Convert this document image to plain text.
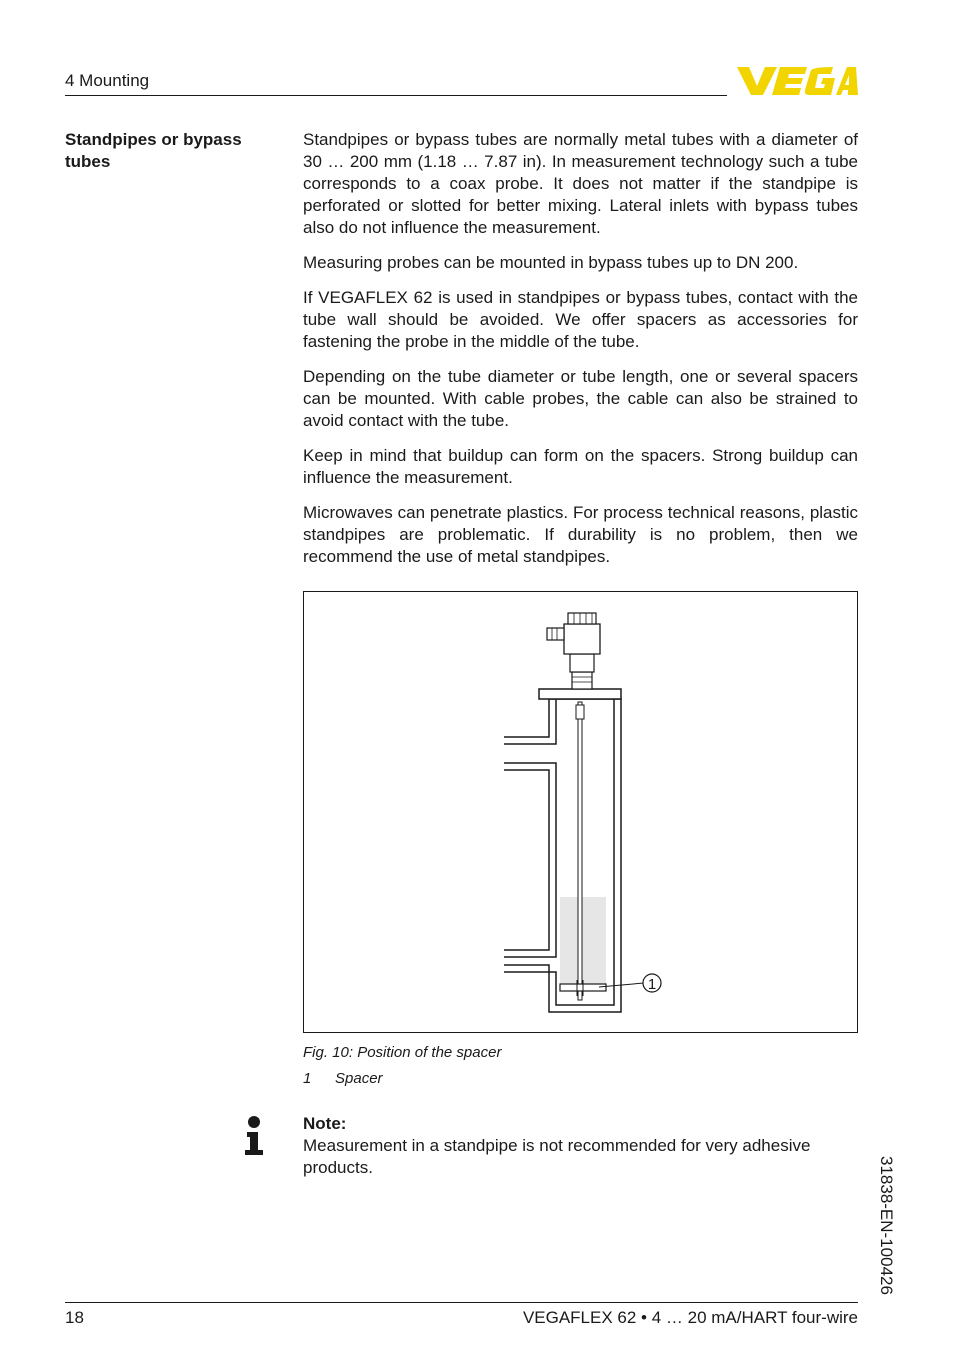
4 Mounting
Standpipes or bypass tubes

Standpipes or bypass tubes are normally metal tubes with a diameter of 30 … 200 mm (1.18 … 7.87 in). In measurement technology such a tube corresponds to a coax probe. It does not matter if the standpipe is perforated or slotted for better mixing. Lateral inlets with bypass tubes also do not influence the measurement.

Measuring probes can be mounted in bypass tubes up to DN 200.

If VEGAFLEX 62 is used in standpipes or bypass tubes, contact with the tube wall should be avoided. We offer spacers as accessories for fastening the probe in the middle of the tube.

Depending on the tube diameter or tube length, one or several spacers can be mounted. With cable probes, the cable can also be strained to avoid contact with the tube.

Keep in mind that buildup can form on the spacers. Strong buildup can influence the measurement.

Microwaves can penetrate plastics. For process technical reasons, plastic standpipes are problematic. If durability is no problem, then we recommend the use of metal standpipes.

1
Fig. 10: Position of the spacer
1 Spacer
Note:
Measurement in a standpipe is not recommended for very adhesive products.	31838-EN-100426
18	VEGAFLEX 62 • 4 … 20 mA/HART four-wire
